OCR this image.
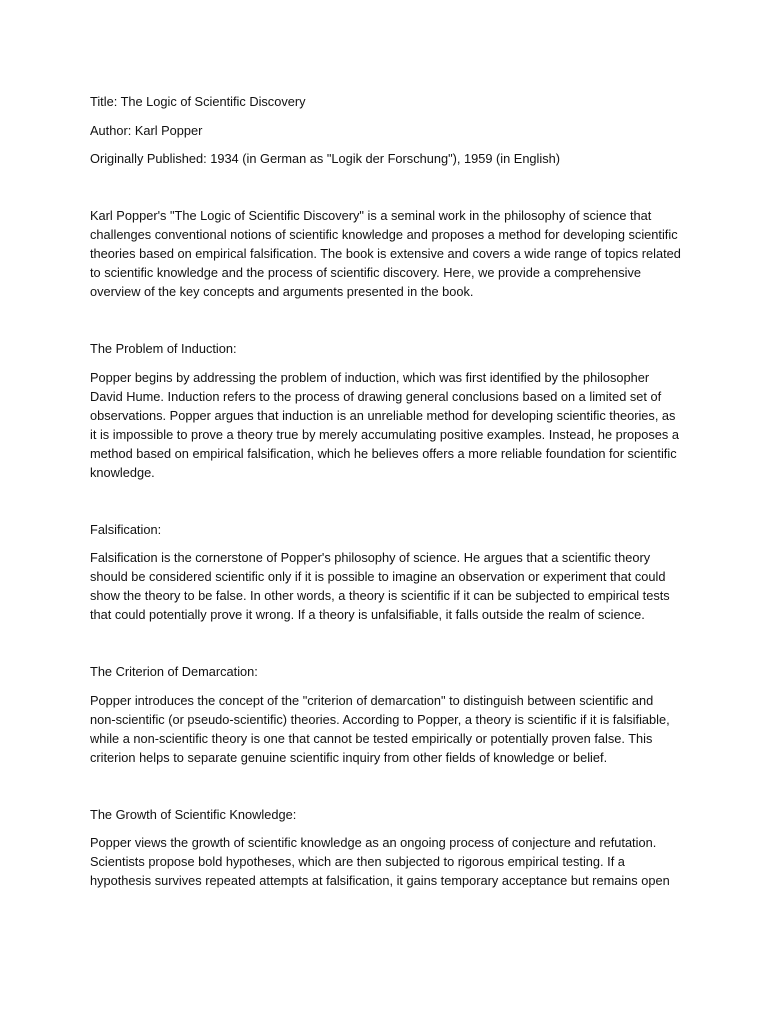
Title: The Logic of Scientific Discovery

Author: Karl Popper

Originally Published: 1934 (in German as "Logik der Forschung"), 1959 (in English)

Karl Popper's "The Logic of Scientific Discovery" is a seminal work in the philosophy of science that challenges conventional notions of scientific knowledge and proposes a method for developing scientific theories based on empirical falsification. The book is extensive and covers a wide range of topics related to scientific knowledge and the process of scientific discovery. Here, we provide a comprehensive overview of the key concepts and arguments presented in the book.

The Problem of Induction:

Popper begins by addressing the problem of induction, which was first identified by the philosopher David Hume. Induction refers to the process of drawing general conclusions based on a limited set of observations. Popper argues that induction is an unreliable method for developing scientific theories, as it is impossible to prove a theory true by merely accumulating positive examples. Instead, he proposes a method based on empirical falsification, which he believes offers a more reliable foundation for scientific knowledge.

Falsification:

Falsification is the cornerstone of Popper's philosophy of science. He argues that a scientific theory should be considered scientific only if it is possible to imagine an observation or experiment that could show the theory to be false. In other words, a theory is scientific if it can be subjected to empirical tests that could potentially prove it wrong. If a theory is unfalsifiable, it falls outside the realm of science.

The Criterion of Demarcation:

Popper introduces the concept of the "criterion of demarcation" to distinguish between scientific and non-scientific (or pseudo-scientific) theories. According to Popper, a theory is scientific if it is falsifiable, while a non-scientific theory is one that cannot be tested empirically or potentially proven false. This criterion helps to separate genuine scientific inquiry from other fields of knowledge or belief.

The Growth of Scientific Knowledge:

Popper views the growth of scientific knowledge as an ongoing process of conjecture and refutation. Scientists propose bold hypotheses, which are then subjected to rigorous empirical testing. If a hypothesis survives repeated attempts at falsification, it gains temporary acceptance but remains open
